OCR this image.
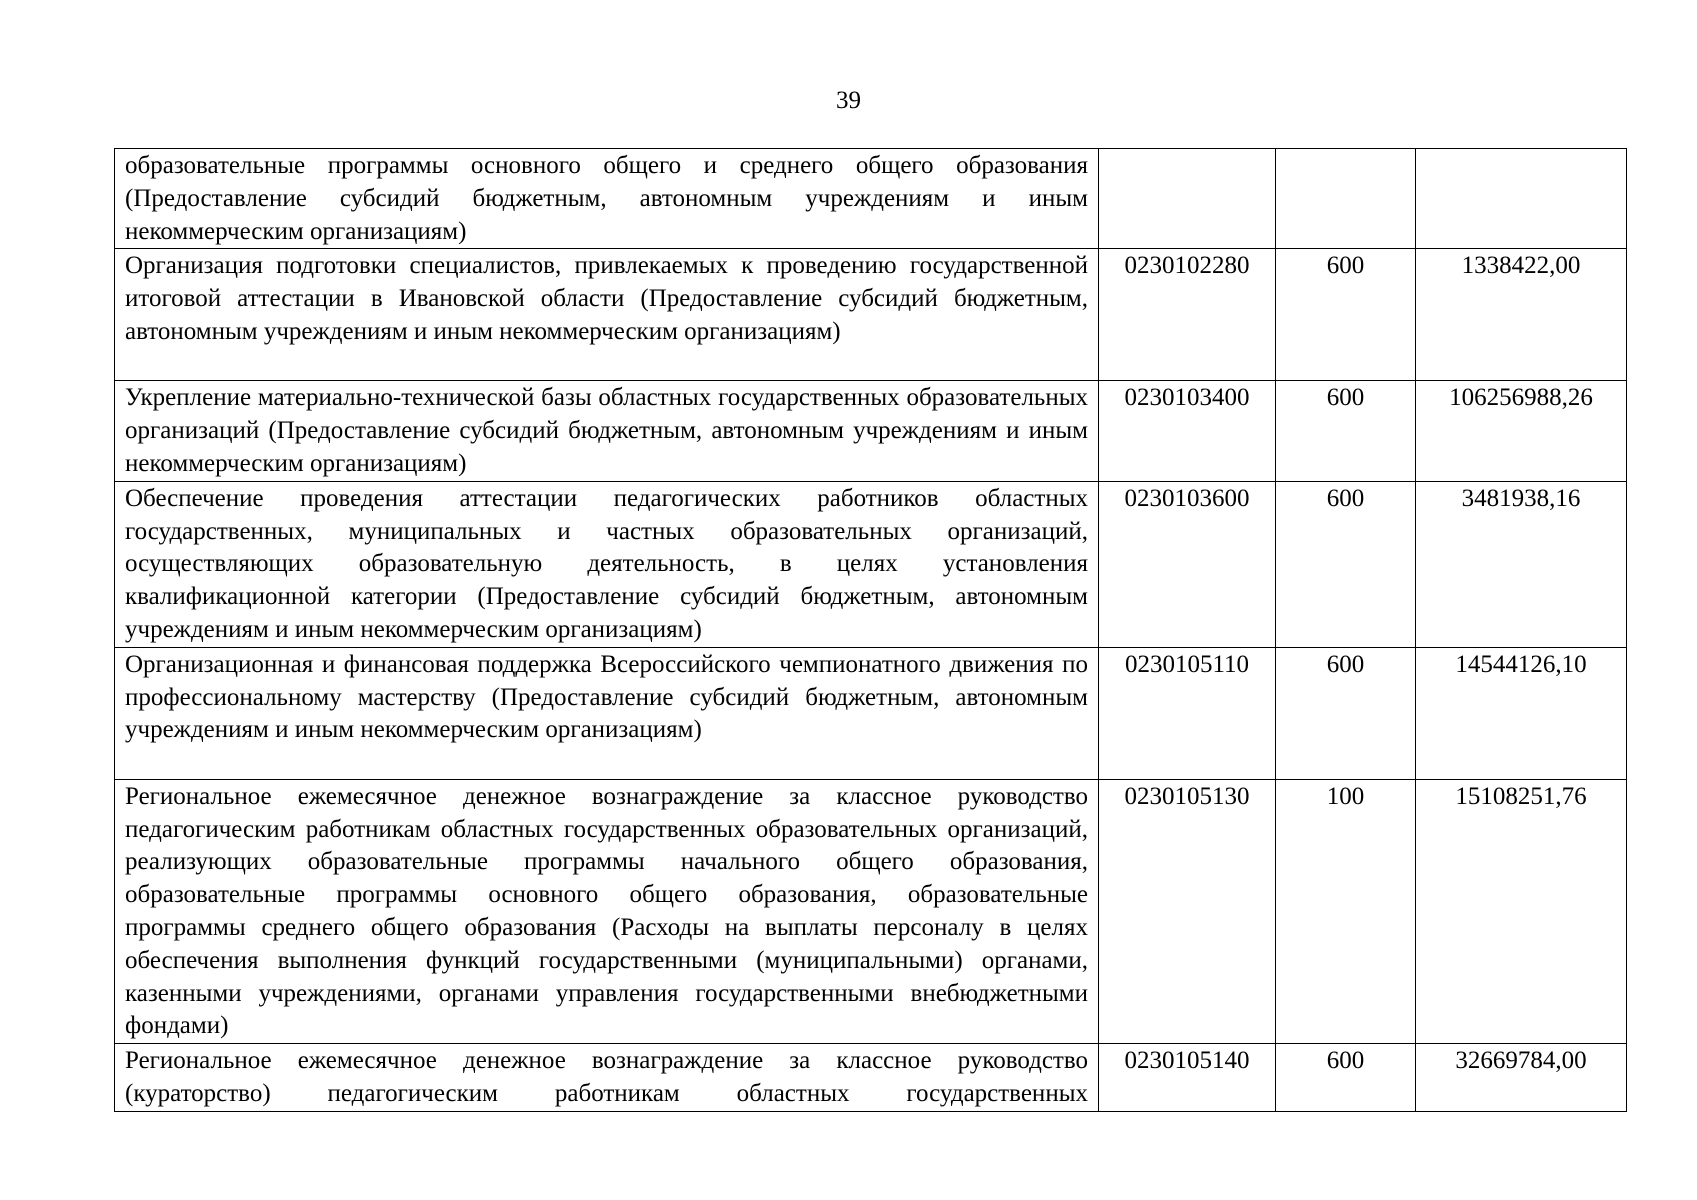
39
образовательные программы основного общего и среднего общего образования (Предоставление субсидий бюджетным, автономным учреждениям и иным некоммерческим организациям)			
Организация подготовки специалистов, привлекаемых к проведению государственной итоговой аттестации в Ивановской области (Предоставление субсидий бюджетным, автономным учреждениям и иным некоммерческим организациям)	0230102280	600	1338422,00
Укрепление материально-технической базы областных государственных образовательных организаций (Предоставление субсидий бюджетным, автономным учреждениям и иным некоммерческим организациям)	0230103400	600	106256988,26
Обеспечение проведения аттестации педагогических работников областных государственных, муниципальных и частных образовательных организаций, осуществляющих образовательную деятельность, в целях установления квалификационной категории (Предоставление субсидий бюджетным, автономным учреждениям и иным некоммерческим организациям)	0230103600	600	3481938,16
Организационная и финансовая поддержка Всероссийского чемпионатного движения по профессиональному мастерству (Предоставление субсидий бюджетным, автономным учреждениям и иным некоммерческим организациям)	0230105110	600	14544126,10
Региональное ежемесячное денежное вознаграждение за классное руководство педагогическим работникам областных государственных образовательных организаций, реализующих образовательные программы начального общего образования, образовательные программы основного общего образования, образовательные программы среднего общего образования (Расходы на выплаты персоналу в целях обеспечения выполнения функций государственными (муниципальными) органами, казенными учреждениями, органами управления государственными внебюджетными фондами)	0230105130	100	15108251,76
Региональное ежемесячное денежное вознаграждение за классное руководство (кураторство) педагогическим работникам областных государственных	0230105140	600	32669784,00
